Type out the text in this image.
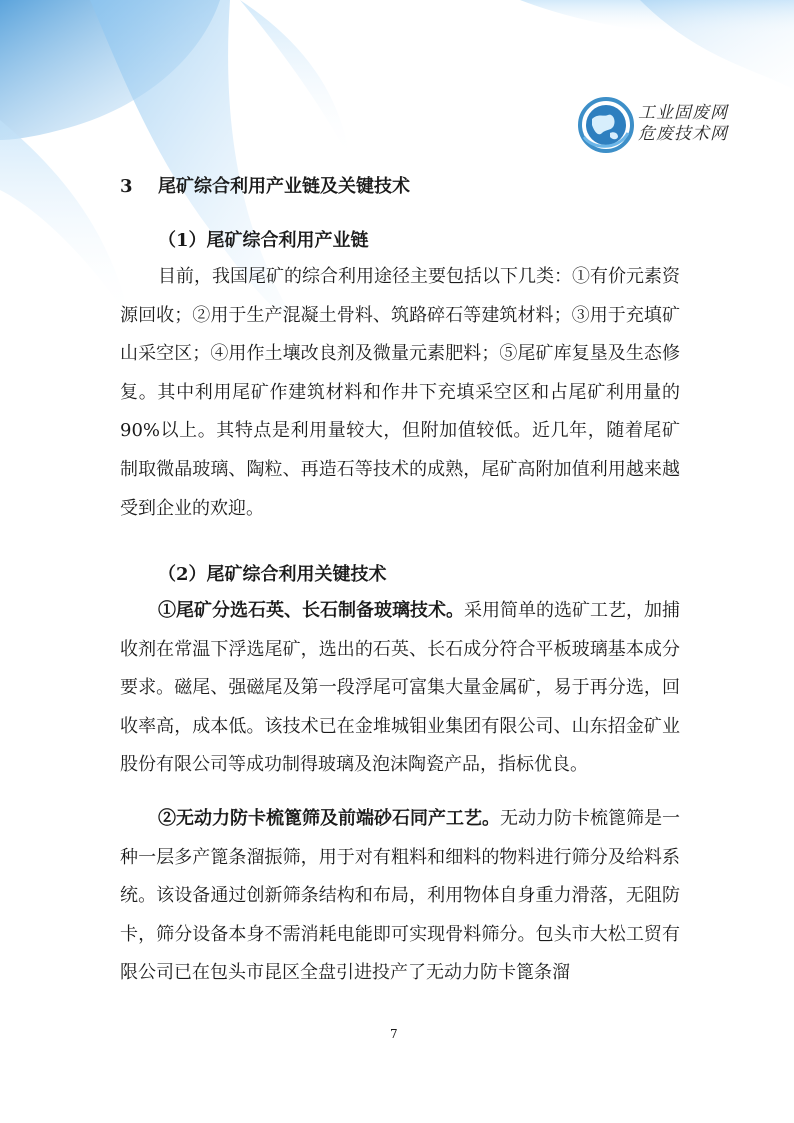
工业固废网
危废技术网
3 尾矿综合利用产业链及关键技术
（1）尾矿综合利用产业链
目前，我国尾矿的综合利用途径主要包括以下几类：①有价元素资源回收；②用于生产混凝土骨料、筑路碎石等建筑材料；③用于充填矿山采空区；④用作土壤改良剂及微量元素肥料；⑤尾矿库复垦及生态修复。其中利用尾矿作建筑材料和作井下充填采空区和占尾矿利用量的90%以上。其特点是利用量较大，但附加值较低。近几年，随着尾矿制取微晶玻璃、陶粒、再造石等技术的成熟，尾矿高附加值利用越来越受到企业的欢迎。
（2）尾矿综合利用关键技术
①尾矿分选石英、长石制备玻璃技术。采用简单的选矿工艺，加捕收剂在常温下浮选尾矿，选出的石英、长石成分符合平板玻璃基本成分要求。磁尾、强磁尾及第一段浮尾可富集大量金属矿，易于再分选，回收率高，成本低。该技术已在金堆城钼业集团有限公司、山东招金矿业股份有限公司等成功制得玻璃及泡沫陶瓷产品，指标优良。
②无动力防卡梳篦筛及前端砂石同产工艺。无动力防卡梳篦筛是一种一层多产篦条溜振筛，用于对有粗料和细料的物料进行筛分及给料系统。该设备通过创新筛条结构和布局，利用物体自身重力滑落，无阻防卡，筛分设备本身不需消耗电能即可实现骨料筛分。包头市大松工贸有限公司已在包头市昆区全盘引进投产了无动力防卡篦条溜
7
